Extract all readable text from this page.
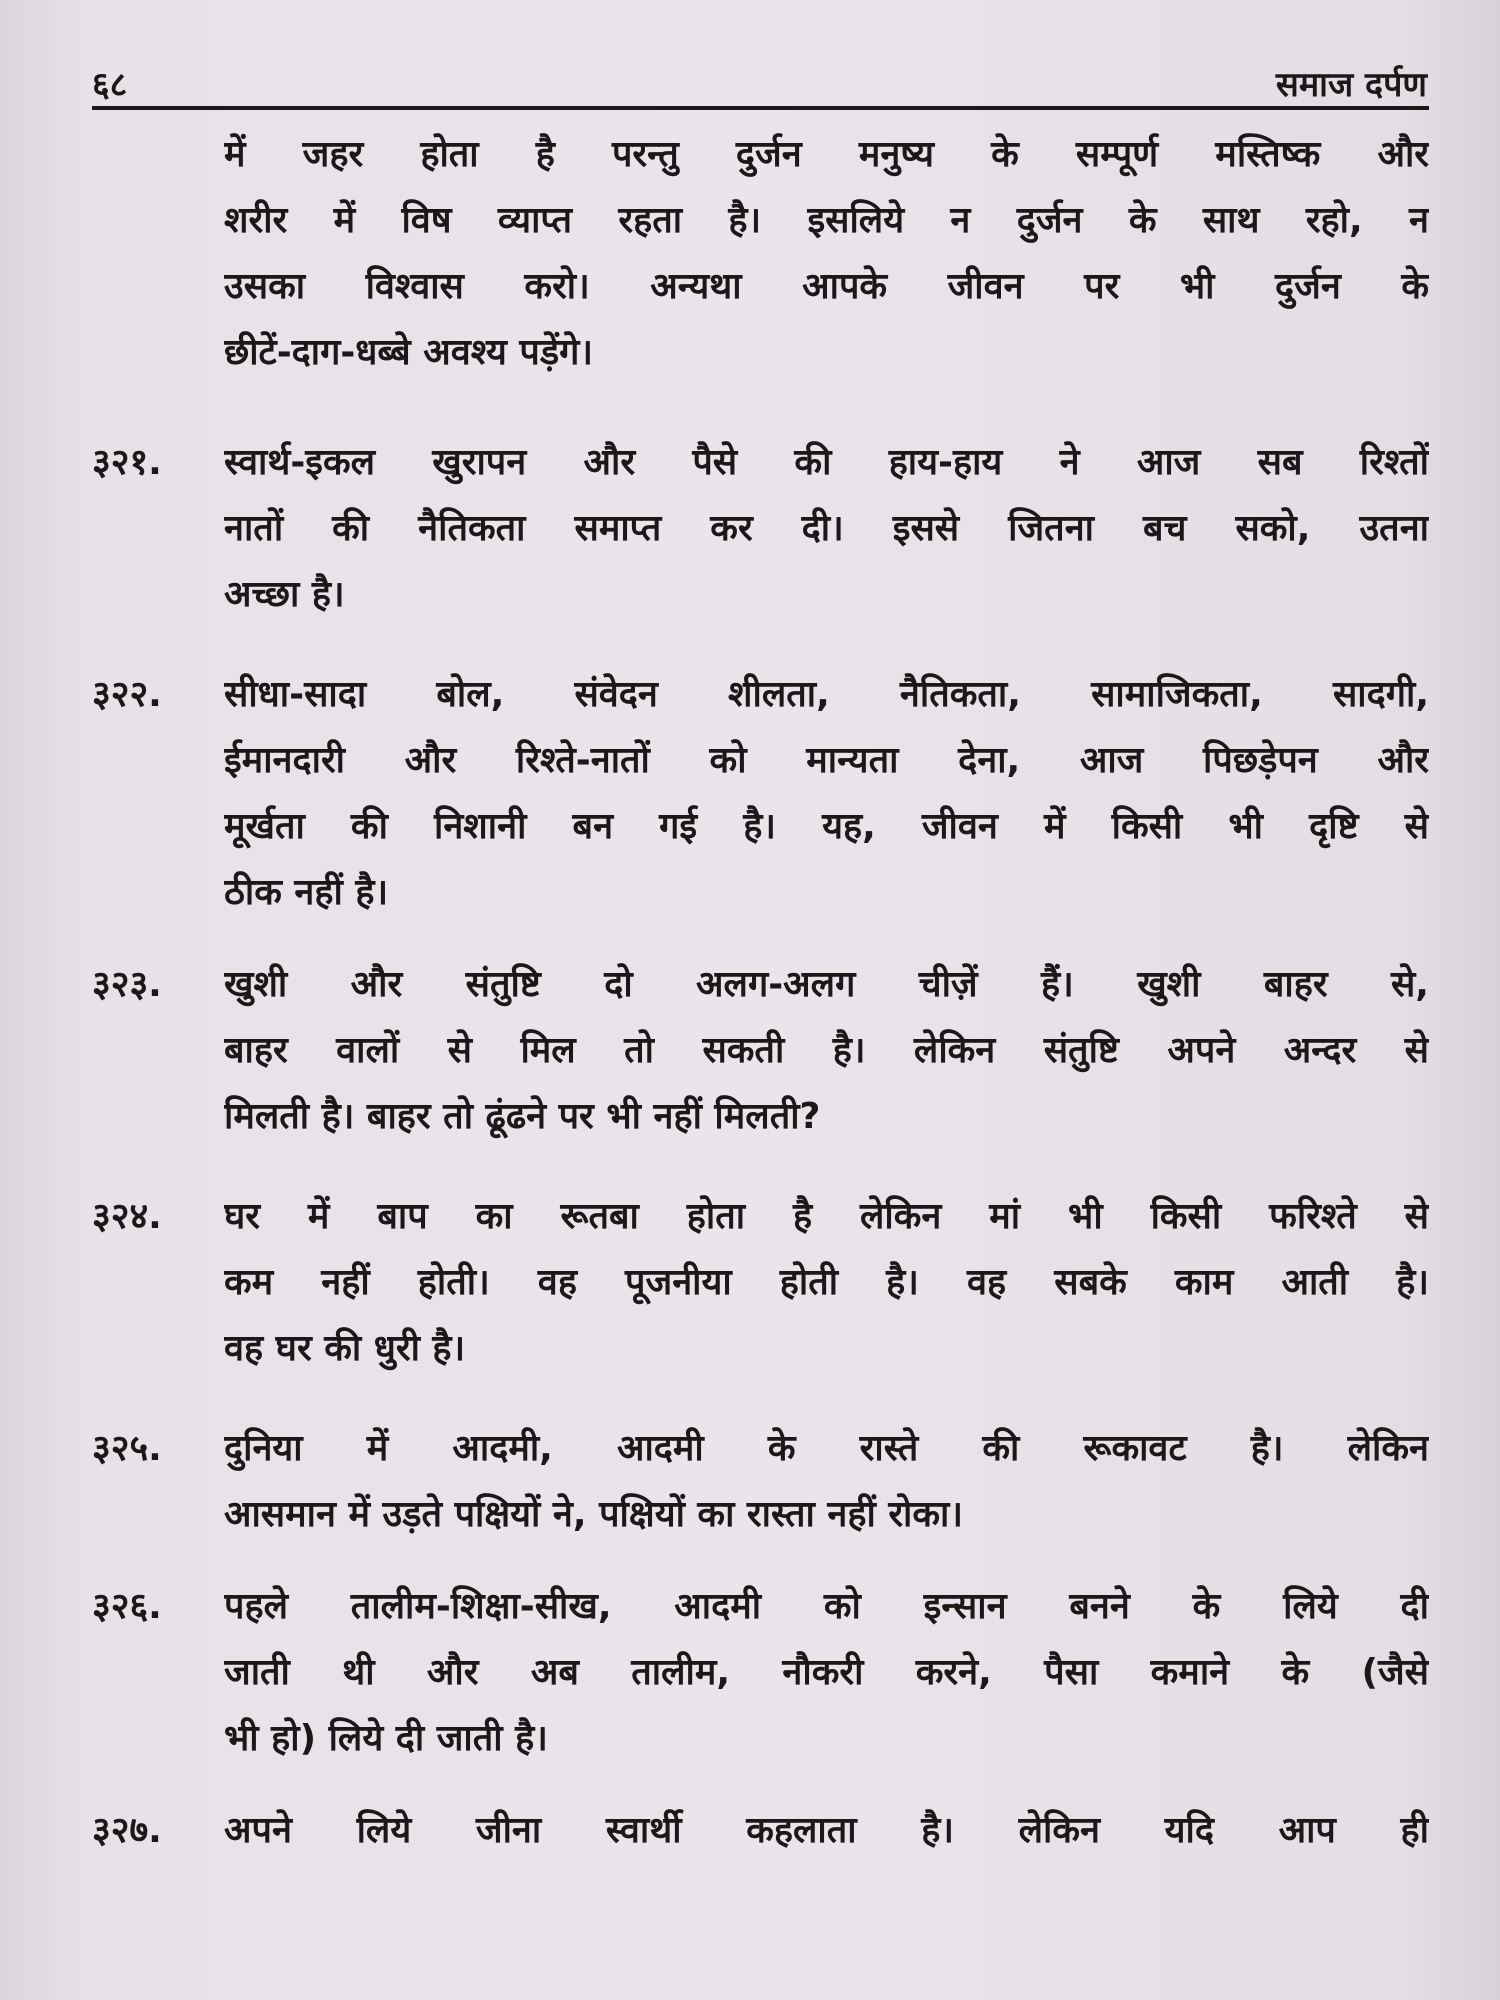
६८	समाज दर्पण
में जहर होता है परन्तु दुर्जन मनुष्य के सम्पूर्ण मस्तिष्क और
शरीर में विष व्याप्त रहता है। इसलिये न दुर्जन के साथ रहो, न
उसका विश्वास करो। अन्यथा आपके जीवन पर भी दुर्जन के
छीटें-दाग-धब्बे अवश्य पड़ेंगे।
३२१.	स्वार्थ-इकल खुरापन और पैसे की हाय-हाय ने आज सब रिश्तों
नातों की नैतिकता समाप्त कर दी। इससे जितना बच सको, उतना
अच्छा है।
३२२.	सीधा-सादा बोल, संवेदन शीलता, नैतिकता, सामाजिकता, सादगी,
ईमानदारी और रिश्ते-नातों को मान्यता देना, आज पिछड़ेपन और
मूर्खता की निशानी बन गई है। यह, जीवन में किसी भी दृष्टि से
ठीक नहीं है।
३२३.	खुशी और संतुष्टि दो अलग-अलग चीज़ें हैं। खुशी बाहर से,
बाहर वालों से मिल तो सकती है। लेकिन संतुष्टि अपने अन्दर से
मिलती है। बाहर तो ढूंढने पर भी नहीं मिलती?
३२४.	घर में बाप का रूतबा होता है लेकिन मां भी किसी फरिश्ते से
कम नहीं होती। वह पूजनीया होती है। वह सबके काम आती है।
वह घर की धुरी है।
३२५.	दुनिया में आदमी, आदमी के रास्ते की रूकावट है। लेकिन
आसमान में उड़ते पक्षियों ने, पक्षियों का रास्ता नहीं रोका।
३२६.	पहले तालीम-शिक्षा-सीख, आदमी को इन्सान बनने के लिये दी
जाती थी और अब तालीम, नौकरी करने, पैसा कमाने के (जैसे
भी हो) लिये दी जाती है।
३२७.	अपने लिये जीना स्वार्थी कहलाता है। लेकिन यदि आप ही
